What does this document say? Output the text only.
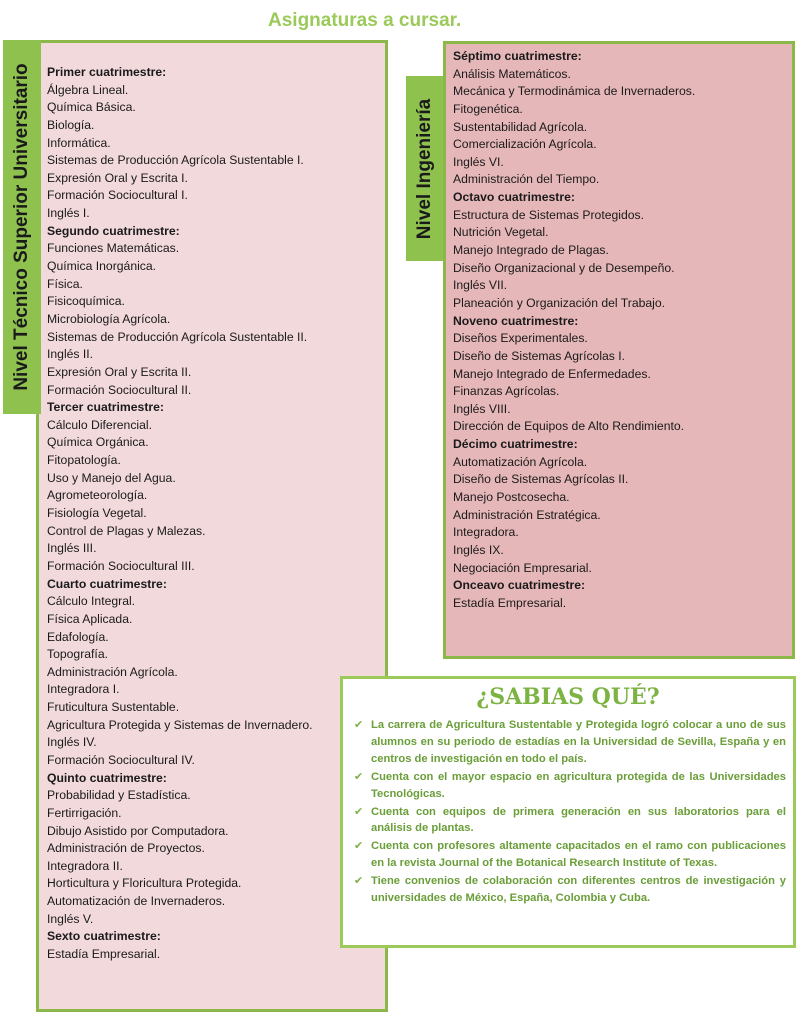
Asignaturas a cursar.
Nivel Técnico Superior Universitario Primer cuatrimestre:
Álgebra Lineal.
Química Básica.
Biología.
Informática.
Sistemas de Producción Agrícola Sustentable I.
Expresión Oral y Escrita I.
Formación Sociocultural I.
Inglés I.
Segundo cuatrimestre:
Funciones Matemáticas.
Química Inorgánica.
Física.
Fisicoquímica.
Microbiología Agrícola.
Sistemas de Producción Agrícola Sustentable II.
Inglés II.
Expresión Oral y Escrita II.
Formación Sociocultural II.
Tercer cuatrimestre:
Cálculo Diferencial.
Química Orgánica.
Fitopatología.
Uso y Manejo del Agua.
Agrometeorología.
Fisiología Vegetal.
Control de Plagas y Malezas.
Inglés III.
Formación Sociocultural III.
Cuarto cuatrimestre:
Cálculo Integral.
Física Aplicada.
Edafología.
Topografía.
Administración Agrícola.
Integradora I.
Fruticultura Sustentable.
Agricultura Protegida y Sistemas de Invernadero.
Inglés IV.
Formación Sociocultural IV.
Quinto cuatrimestre:
Probabilidad y Estadística.
Fertirrigación.
Dibujo Asistido por Computadora.
Administración de Proyectos.
Integradora II.
Horticultura y Floricultura Protegida.
Automatización de Invernaderos.
Inglés V.
Sexto cuatrimestre:
Estadía Empresarial.
Nivel Ingeniería
Séptimo cuatrimestre:
Análisis Matemáticos.
Mecánica y Termodinámica de Invernaderos.
Fitogenética.
Sustentabilidad Agrícola.
Comercialización Agrícola.
Inglés VI.
Administración del Tiempo.
Octavo cuatrimestre:
Estructura de Sistemas Protegidos.
Nutrición Vegetal.
Manejo Integrado de Plagas.
Diseño Organizacional y de Desempeño.
Inglés VII.
Planeación y Organización del Trabajo.
Noveno cuatrimestre:
Diseños Experimentales.
Diseño de Sistemas Agrícolas I.
Manejo Integrado de Enfermedades.
Finanzas Agrícolas.
Inglés VIII.
Dirección de Equipos de Alto Rendimiento.
Décimo cuatrimestre:
Automatización Agrícola.
Diseño de Sistemas Agrícolas II.
Manejo Postcosecha.
Administración Estratégica.
Integradora.
Inglés IX.
Negociación Empresarial.
Onceavo cuatrimestre:
Estadía Empresarial.
¿SABIAS QUÉ?
✔ La carrera de Agricultura Sustentable y Protegida logró colocar a uno de sus alumnos en su periodo de estadías en la Universidad de Sevilla, España y en centros de investigación en todo el país.
✔ Cuenta con el mayor espacio en agricultura protegida de las Universidades Tecnológicas.
✔ Cuenta con equipos de primera generación en sus laboratorios para el análisis de plantas.
✔ Cuenta con profesores altamente capacitados en el ramo con publicaciones en la revista Journal of the Botanical Research Institute of Texas.
✔ Tiene convenios de colaboración con diferentes centros de investigación y universidades de México, España, Colombia y Cuba.
